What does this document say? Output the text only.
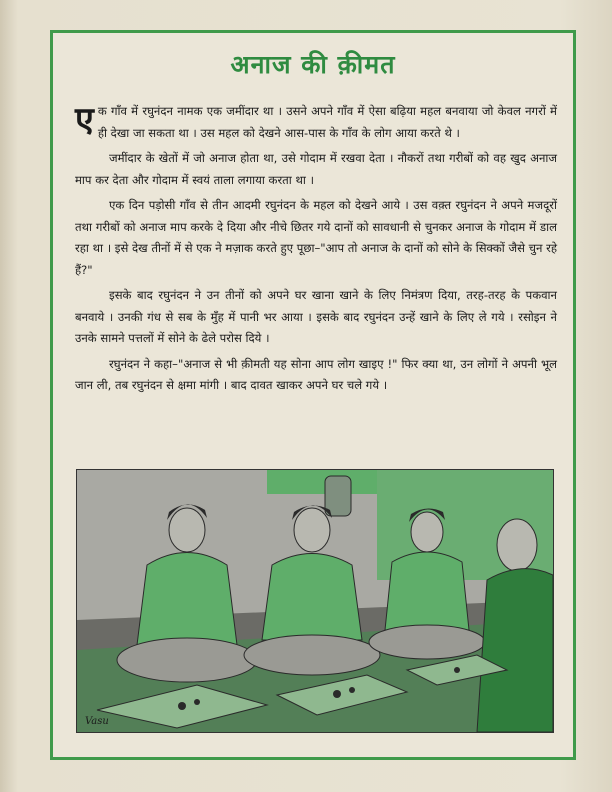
अनाज की क़ीमत

एक गाँव में रघुनंदन नामक एक जमींदार था । उसने अपने गाँव में ऐसा बढ़िया महल बनवाया जो केवल नगरों में ही देखा जा सकता था । उस महल को देखने आस-पास के गाँव के लोग आया करते थे ।

जमींदार के खेतों में जो अनाज होता था, उसे गोदाम में रखवा देता । नौकरों तथा गरीबों को वह खुद अनाज माप कर देता और गोदाम में स्वयं ताला लगाया करता था ।

एक दिन पड़ोसी गाँव से तीन आदमी रघुनंदन के महल को देखने आये । उस वक़्त रघुनंदन ने अपने मजदूरों तथा गरीबों को अनाज माप करके दे दिया और नीचे छितर गये दानों को सावधानी से चुनकर अनाज के गोदाम में डाल रहा था । इसे देख तीनों में से एक ने मज़ाक करते हुए पूछा–"आप तो अनाज के दानों को सोने के सिक्कों जैसे चुन रहे हैं?"

इसके बाद रघुनंदन ने उन तीनों को अपने घर खाना खाने के लिए निमंत्रण दिया, तरह-तरह के पकवान बनवाये । उनकी गंध से सब के मुँह में पानी भर आया । इसके बाद रघुनंदन उन्हें खाने के लिए ले गये । रसोइन ने उनके सामने पत्तलों में सोने के ढेले परोस दिये ।

रघुनंदन ने कहा–"अनाज से भी क़ीमती यह सोना आप लोग खाइए !" फिर क्या था, उन लोगों ने अपनी भूल जान ली, तब रघुनंदन से क्षमा मांगी । बाद दावत खाकर अपने घर चले गये ।

Vasu
